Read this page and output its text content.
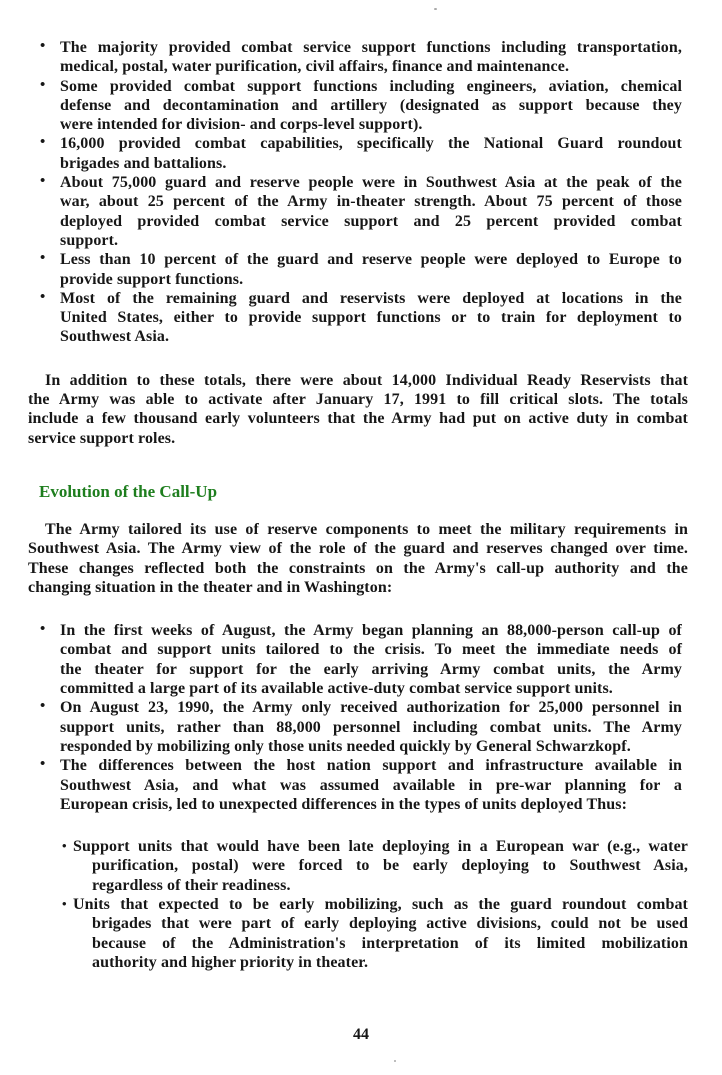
• The majority provided combat service support functions including transportation,
medical, postal, water purification, civil affairs, finance and maintenance.
• Some provided combat support functions including engineers, aviation, chemical
defense and decontamination and artillery (designated as support because they
were intended for division- and corps-level support).
• 16,000 provided combat capabilities, specifically the National Guard roundout
brigades and battalions.
• About 75,000 guard and reserve people were in Southwest Asia at the peak of the
war, about 25 percent of the Army in-theater strength. About 75 percent of those
deployed provided combat service support and 25 percent provided combat
support.
• Less than 10 percent of the guard and reserve people were deployed to Europe to
provide support functions.
• Most of the remaining guard and reservists were deployed at locations in the
United States, either to provide support functions or to train for deployment to
Southwest Asia.
In addition to these totals, there were about 14,000 Individual Ready Reservists that
the Army was able to activate after January 17, 1991 to fill critical slots. The totals
include a few thousand early volunteers that the Army had put on active duty in combat
service support roles.
Evolution of the Call-Up
The Army tailored its use of reserve components to meet the military requirements in
Southwest Asia. The Army view of the role of the guard and reserves changed over time.
These changes reflected both the constraints on the Army's call-up authority and the
changing situation in the theater and in Washington:
• In the first weeks of August, the Army began planning an 88,000-person call-up of
combat and support units tailored to the crisis. To meet the immediate needs of
the theater for support for the early arriving Army combat units, the Army
committed a large part of its available active-duty combat service support units.
• On August 23, 1990, the Army only received authorization for 25,000 personnel in
support units, rather than 88,000 personnel including combat units. The Army
responded by mobilizing only those units needed quickly by General Schwarzkopf.
• The differences between the host nation support and infrastructure available in
Southwest Asia, and what was assumed available in pre-war planning for a
European crisis, led to unexpected differences in the types of units deployed Thus:
• Support units that would have been late deploying in a European war (e.g., water
purification, postal) were forced to be early deploying to Southwest Asia,
regardless of their readiness.
• Units that expected to be early mobilizing, such as the guard roundout combat
brigades that were part of early deploying active divisions, could not be used
because of the Administration's interpretation of its limited mobilization
authority and higher priority in theater.
44
